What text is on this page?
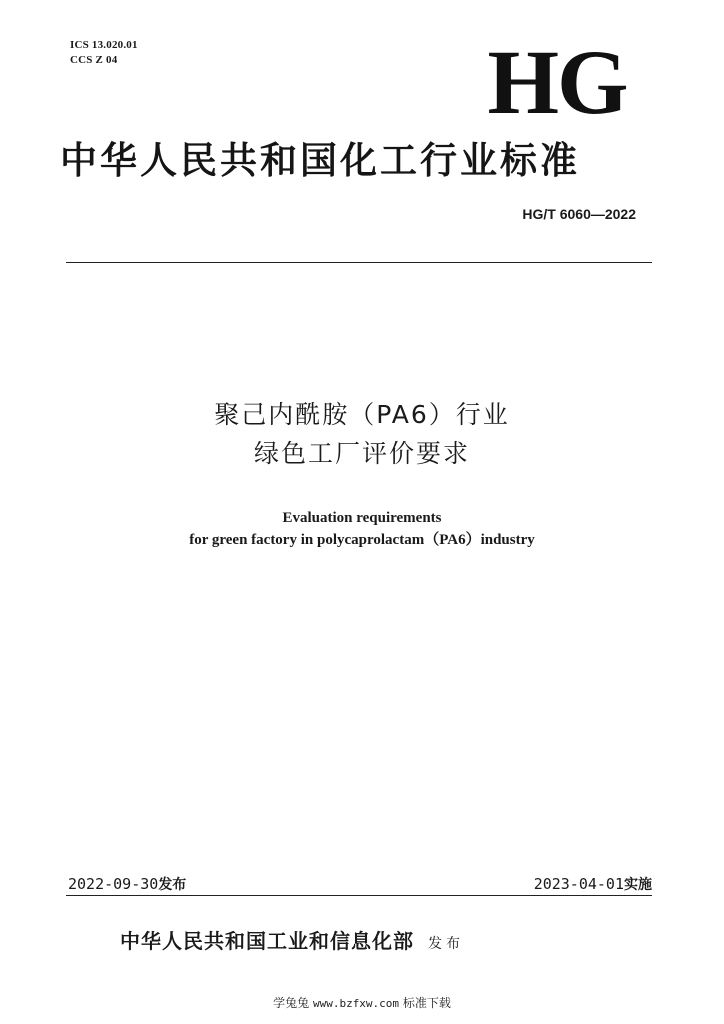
ICS 13.020.01
CCS Z 04	HG
中华人民共和国化工行业标准
HG/T 6060—2022
聚己内酰胺（PA6）行业
绿色工厂评价要求
Evaluation requirements
for green factory in polycaprolactam（PA6）industry
2022-09-30发布	2023-04-01实施
中华人民共和国工业和信息化部 发布
学兔兔 www.bzfxw.com 标准下载
